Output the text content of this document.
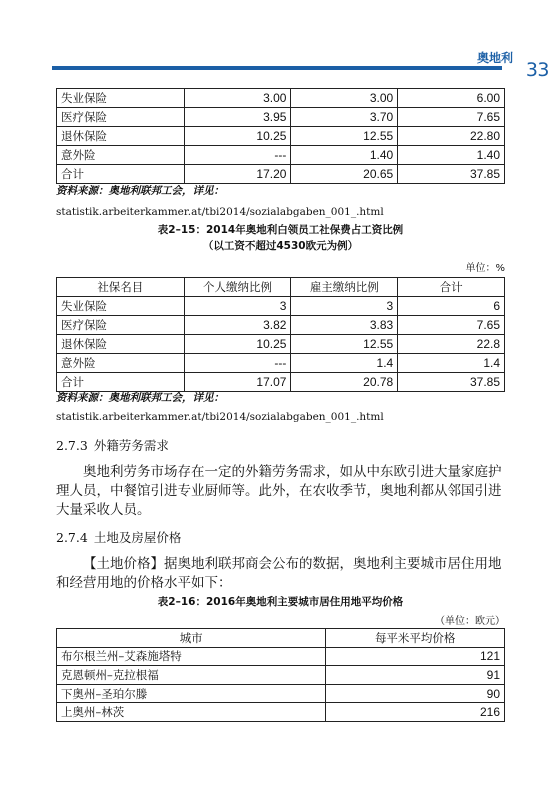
奥地利
33
失业保险	3.00	3.00	6.00
医疗保险	3.95	3.70	7.65
退休保险	10.25	12.55	22.80
意外险	---	1.40	1.40
合计	17.20	20.65	37.85
资料来源：奥地利联邦工会，详见：
statistik.arbeiterkammer.at/tbi2014/sozialabgaben_001_.html
表2–15：2014年奥地利白领员工社保费占工资比例
（以工资不超过4530欧元为例）
单位：%
社保名目	个人缴纳比例	雇主缴纳比例	合计
失业保险	3	3	6
医疗保险	3.82	3.83	7.65
退休保险	10.25	12.55	22.8
意外险	---	1.4	1.4
合计	17.07	20.78	37.85
资料来源：奥地利联邦工会，详见：
statistik.arbeiterkammer.at/tbi2014/sozialabgaben_001_.html
2.7.3 外籍劳务需求
奥地利劳务市场存在一定的外籍劳务需求，如从中东欧引进大量家庭护理人员，中餐馆引进专业厨师等。此外，在农收季节，奥地利都从邻国引进大量采收人员。
2.7.4 土地及房屋价格
【土地价格】据奥地利联邦商会公布的数据，奥地利主要城市居住用地和经营用地的价格水平如下：
表2–16：2016年奥地利主要城市居住用地平均价格
（单位：欧元）
城市	每平米平均价格
布尔根兰州–艾森施塔特	121
克恩顿州–克拉根福	91
下奥州–圣珀尔滕	90
上奥州–林茨	216
